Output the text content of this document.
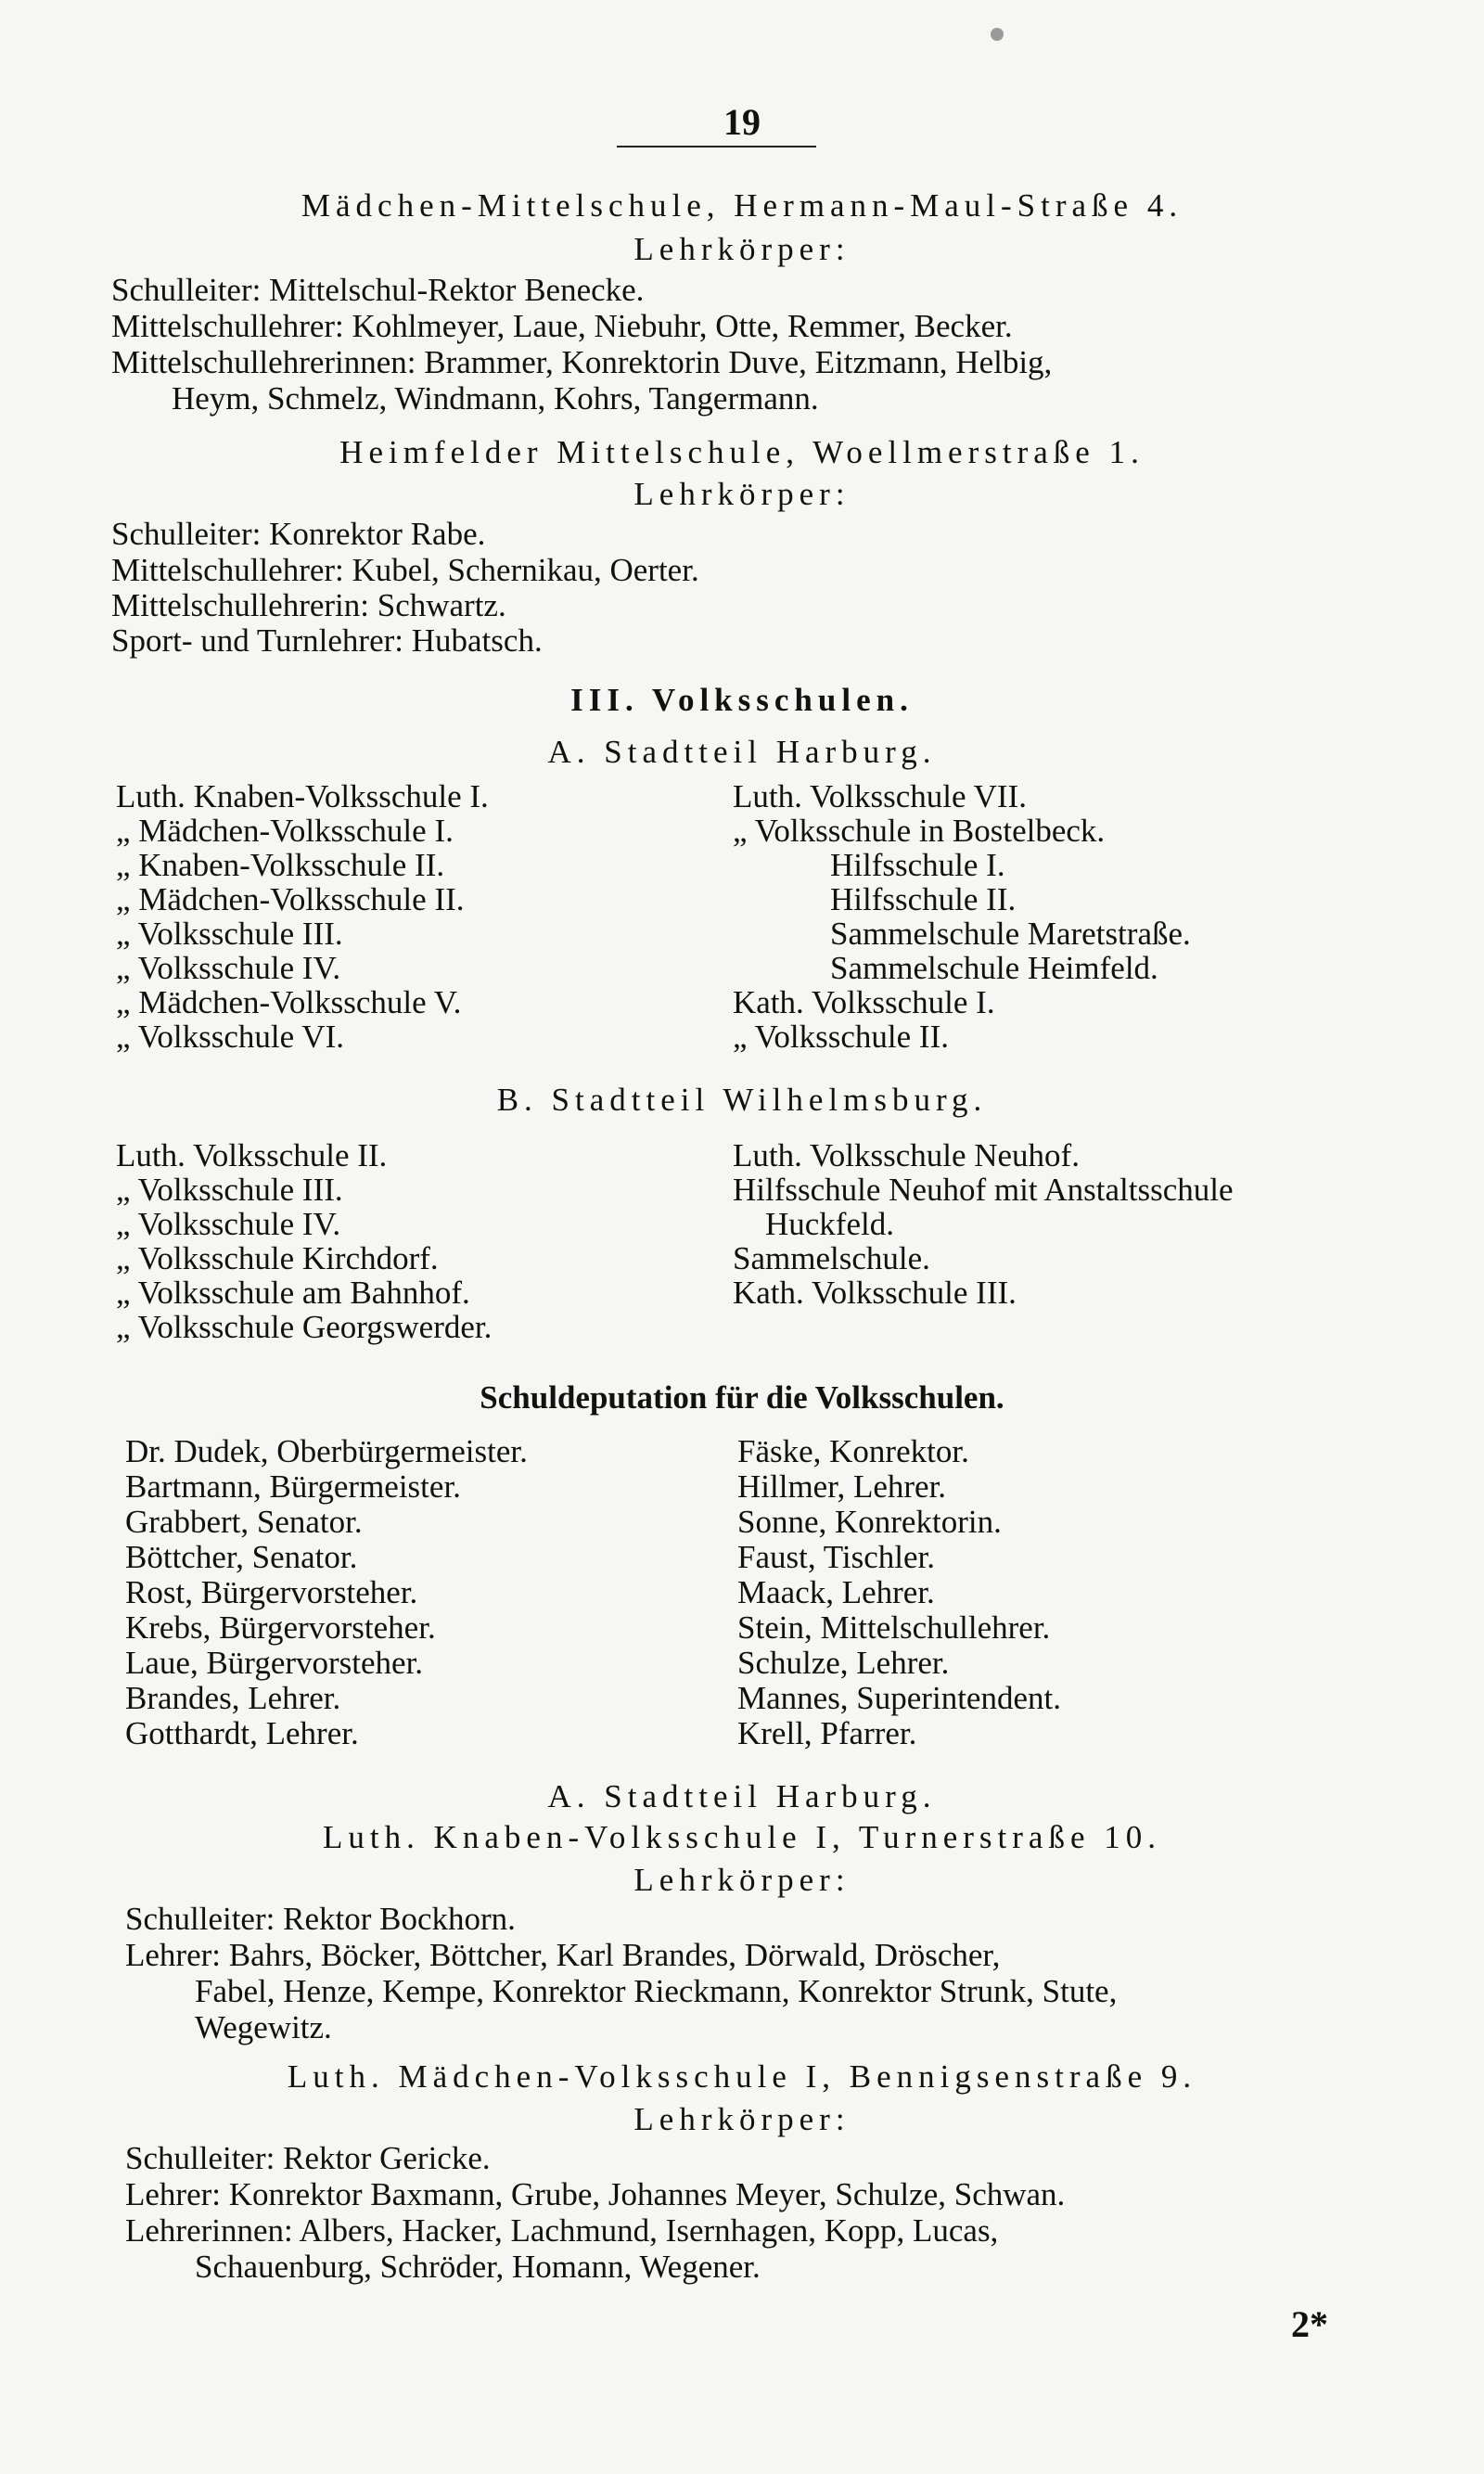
19
Mädchen-Mittelschule, Hermann-Maul-Straße 4.
Lehrkörper:
Schulleiter: Mittelschul-Rektor Benecke.
Mittelschullehrer: Kohlmeyer, Laue, Niebuhr, Otte, Remmer, Becker.
Mittelschullehrerinnen: Brammer, Konrektorin Duve, Eitzmann, Helbig,
Heym, Schmelz, Windmann, Kohrs, Tangermann.
Heimfelder Mittelschule, Woellmerstraße 1.
Lehrkörper:
Schulleiter: Konrektor Rabe.
Mittelschullehrer: Kubel, Schernikau, Oerter.
Mittelschullehrerin: Schwartz.
Sport- und Turnlehrer: Hubatsch.
III. Volksschulen.
A. Stadtteil Harburg.
Luth. Knaben-Volksschule I.
„ Mädchen-Volksschule I.
„ Knaben-Volksschule II.
„ Mädchen-Volksschule II.
„ Volksschule III.
„ Volksschule IV.
„ Mädchen-Volksschule V.
„ Volksschule VI.
Luth. Volksschule VII.
„ Volksschule in Bostelbeck.
Hilfsschule I.
Hilfsschule II.
Sammelschule Maretstraße.
Sammelschule Heimfeld.
Kath. Volksschule I.
„ Volksschule II.
B. Stadtteil Wilhelmsburg.
Luth. Volksschule II.
„ Volksschule III.
„ Volksschule IV.
„ Volksschule Kirchdorf.
„ Volksschule am Bahnhof.
„ Volksschule Georgswerder.
Luth. Volksschule Neuhof.
Hilfsschule Neuhof mit Anstaltsschule
Huckfeld.
Sammelschule.
Kath. Volksschule III.
Schuldeputation für die Volksschulen.
Dr. Dudek, Oberbürgermeister.
Bartmann, Bürgermeister.
Grabbert, Senator.
Böttcher, Senator.
Rost, Bürgervorsteher.
Krebs, Bürgervorsteher.
Laue, Bürgervorsteher.
Brandes, Lehrer.
Gotthardt, Lehrer.
Fäske, Konrektor.
Hillmer, Lehrer.
Sonne, Konrektorin.
Faust, Tischler.
Maack, Lehrer.
Stein, Mittelschullehrer.
Schulze, Lehrer.
Mannes, Superintendent.
Krell, Pfarrer.
A. Stadtteil Harburg.
Luth. Knaben-Volksschule I, Turnerstraße 10.
Lehrkörper:
Schulleiter: Rektor Bockhorn.
Lehrer: Bahrs, Böcker, Böttcher, Karl Brandes, Dörwald, Dröscher,
Fabel, Henze, Kempe, Konrektor Rieckmann, Konrektor Strunk, Stute,
Wegewitz.
Luth. Mädchen-Volksschule I, Bennigsenstraße 9.
Lehrkörper:
Schulleiter: Rektor Gericke.
Lehrer: Konrektor Baxmann, Grube, Johannes Meyer, Schulze, Schwan.
Lehrerinnen: Albers, Hacker, Lachmund, Isernhagen, Kopp, Lucas,
Schauenburg, Schröder, Homann, Wegener.
2*
